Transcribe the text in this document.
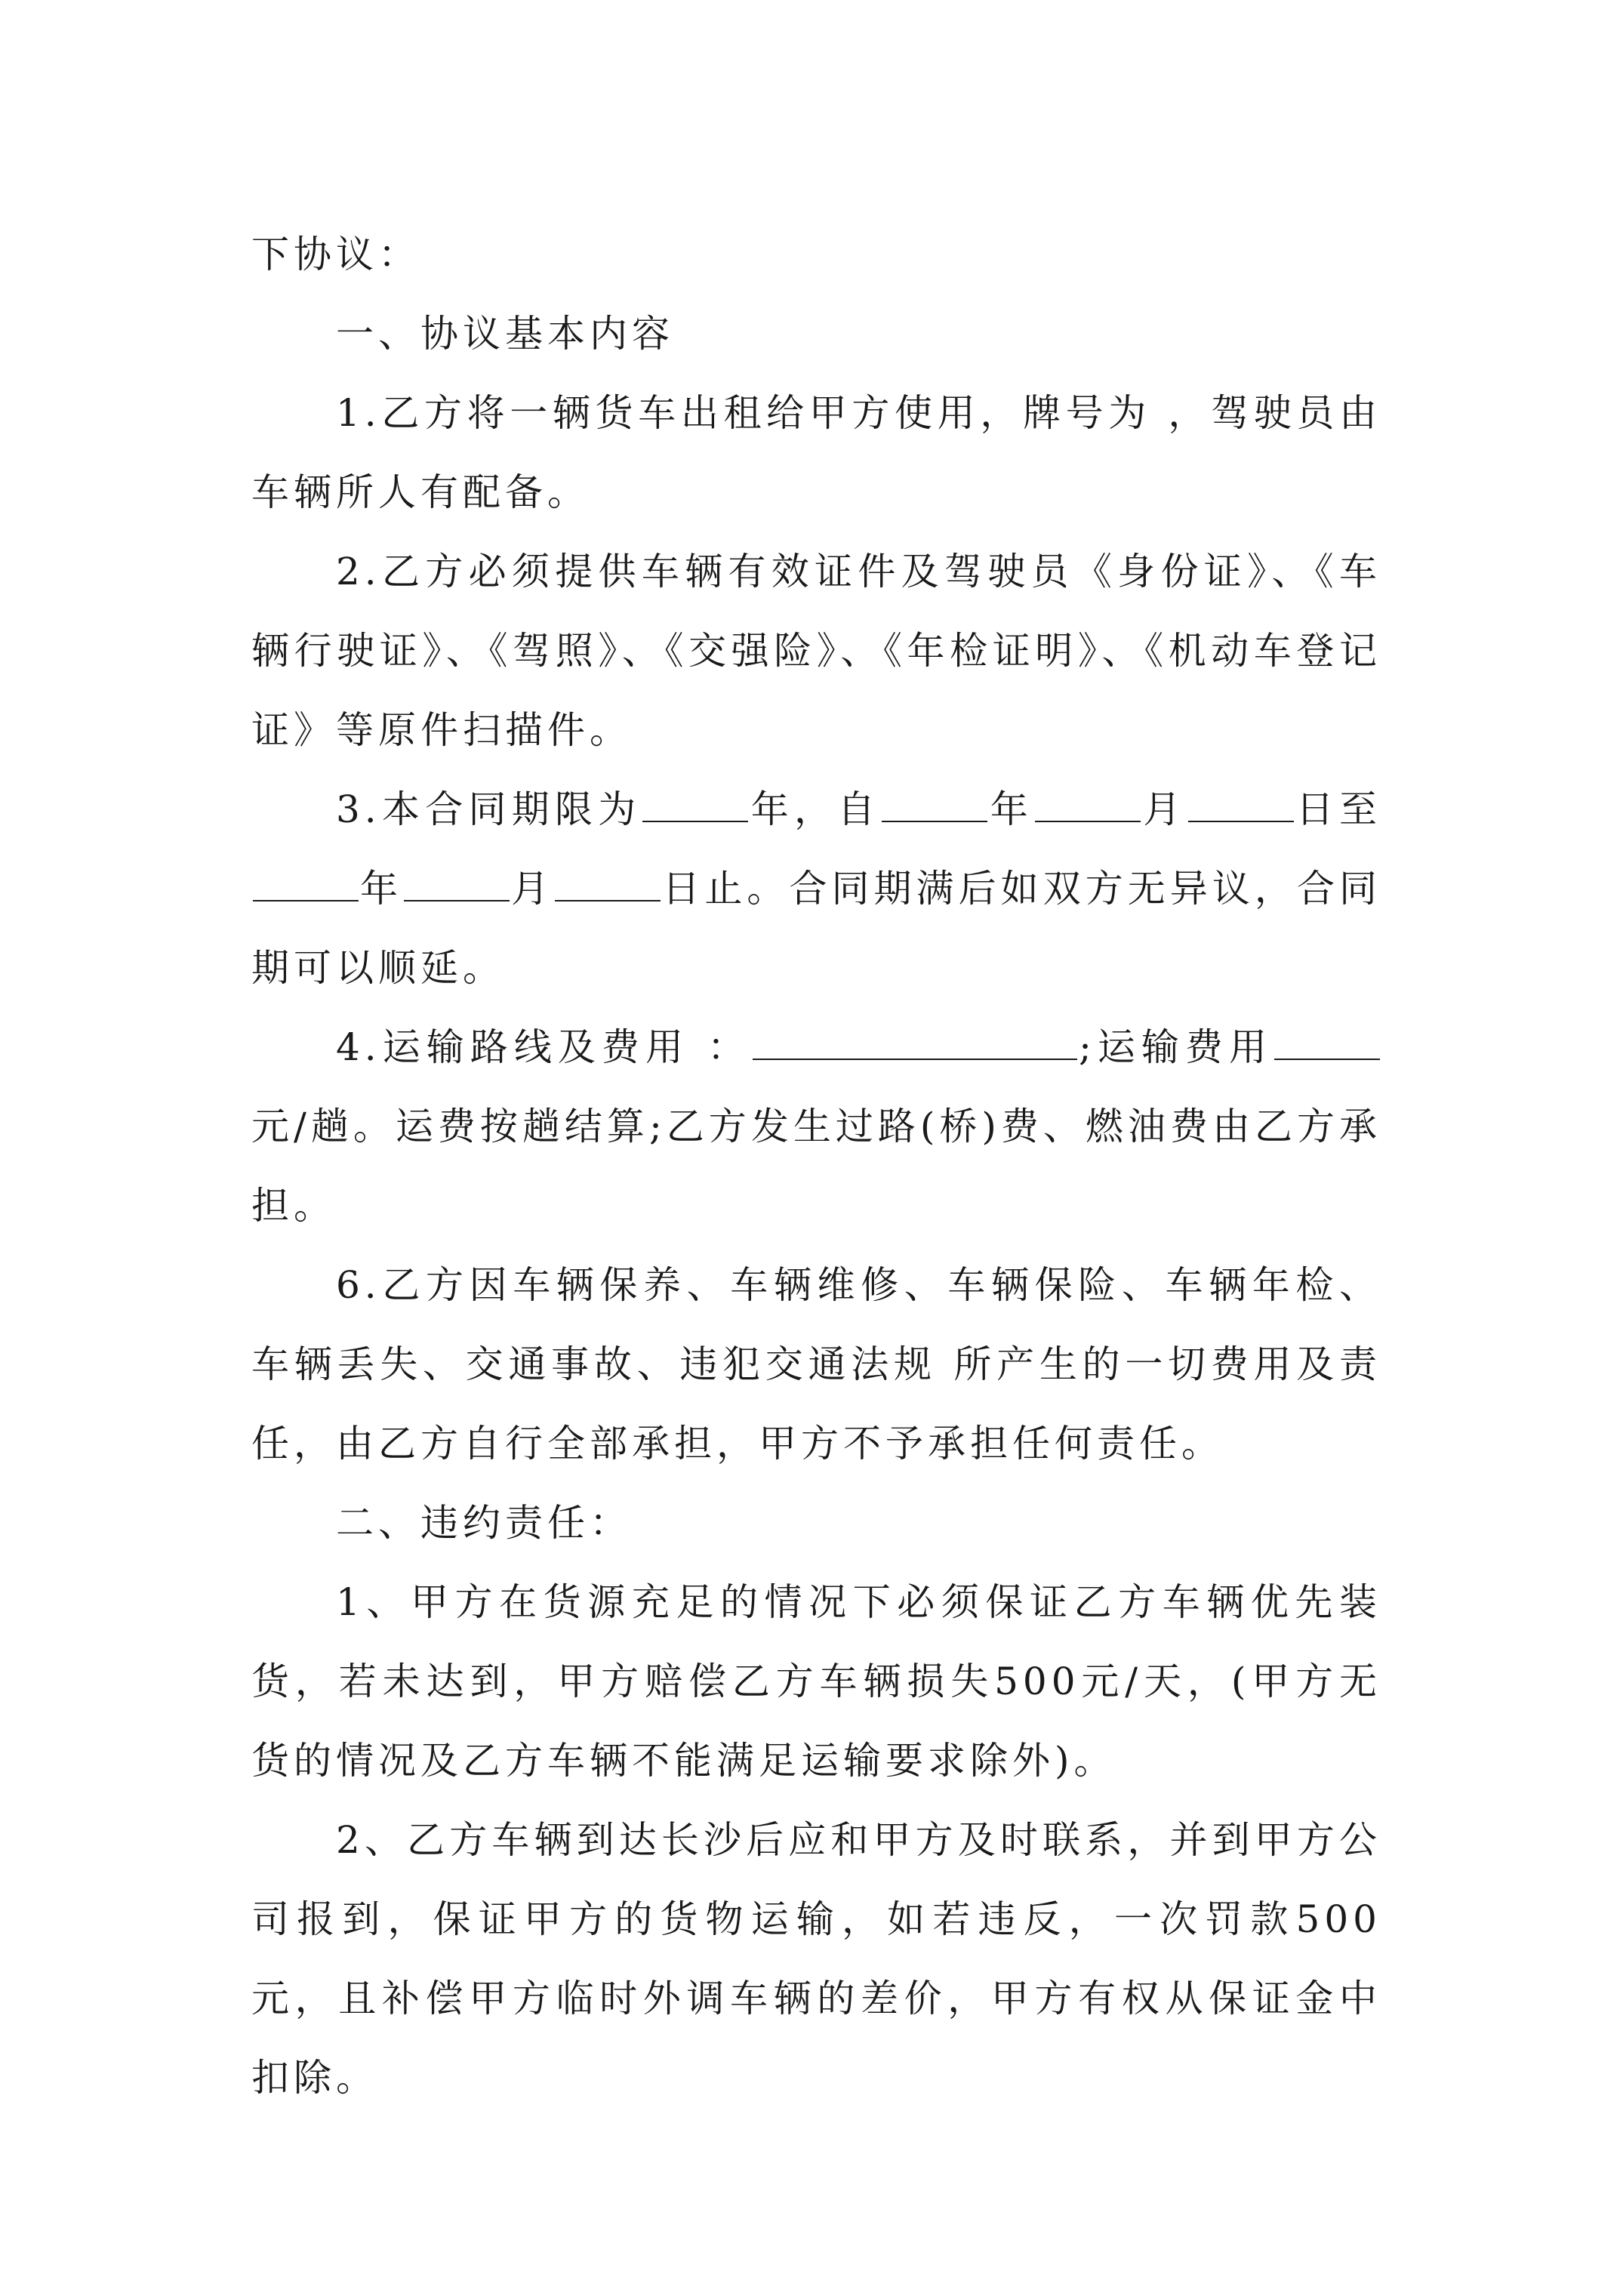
下协议：

一、协议基本内容

1.乙方将一辆货车出租给甲方使用，牌号为 ，驾驶员由车辆所人有配备。

2.乙方必须提供车辆有效证件及驾驶员《身份证》、《车辆行驶证》、《驾照》、《交强险》、《年检证明》、《机动车登记证》等原件扫描件。

3.本合同期限为	年，自	年	月	日至年	月	日止。合同期满后如双方无异议，合同期可以顺延。

4.运输路线及费用 ：	;运输费用元/趟。运费按趟结算;乙方发生过路(桥)费、燃油费由乙方承担。

6.乙方因车辆保养、车辆维修、车辆保险、车辆年检、车辆丢失、交通事故、违犯交通法规 所产生的一切费用及责任，由乙方自行全部承担，甲方不予承担任何责任。

二、违约责任：

1、甲方在货源充足的情况下必须保证乙方车辆优先装货，若未达到，甲方赔偿乙方车辆损失500元/天，(甲方无货的情况及乙方车辆不能满足运输要求除外)。

2、乙方车辆到达长沙后应和甲方及时联系，并到甲方公司报到，保证甲方的货物运输，如若违反，一次罚款500元，且补偿甲方临时外调车辆的差价，甲方有权从保证金中扣除。
